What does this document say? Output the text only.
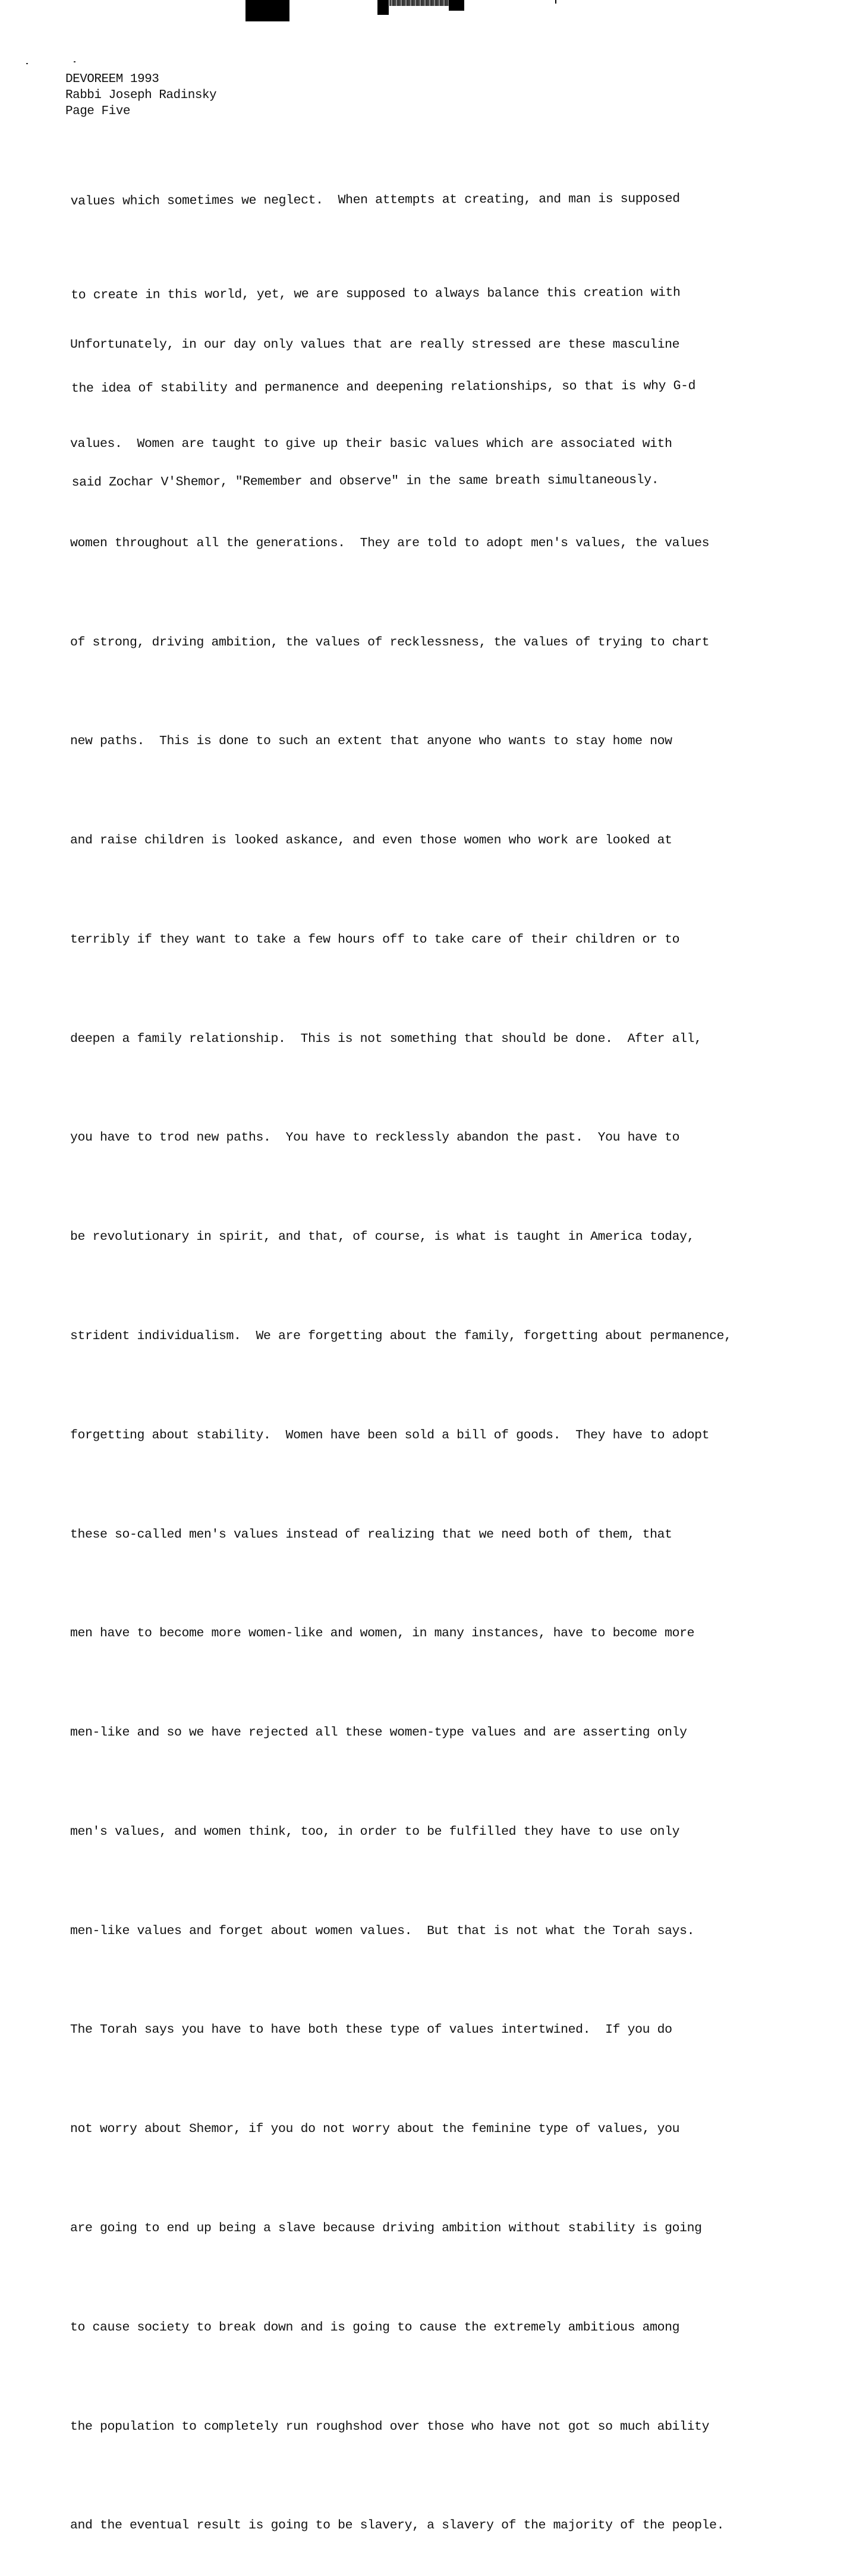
DEVOREEM 1993
Rabbi Joseph Radinsky
Page Five

values which sometimes we neglect.  When attempts at creating, and man is supposed

to create in this world, yet, we are supposed to always balance this creation with

the idea of stability and permanence and deepening relationships, so that is why G-d

said Zochar V'Shemor, "Remember and observe" in the same breath simultaneously.

Unfortunately, in our day only values that are really stressed are these masculine

values.  Women are taught to give up their basic values which are associated with

women throughout all the generations.  They are told to adopt men's values, the values

of strong, driving ambition, the values of recklessness, the values of trying to chart

new paths.  This is done to such an extent that anyone who wants to stay home now

and raise children is looked askance, and even those women who work are looked at

terribly if they want to take a few hours off to take care of their children or to

deepen a family relationship.  This is not something that should be done.  After all,

you have to trod new paths.  You have to recklessly abandon the past.  You have to

be revolutionary in spirit, and that, of course, is what is taught in America today,

strident individualism.  We are forgetting about the family, forgetting about permanence,

forgetting about stability.  Women have been sold a bill of goods.  They have to adopt

these so-called men's values instead of realizing that we need both of them, that

men have to become more women-like and women, in many instances, have to become more

men-like and so we have rejected all these women-type values and are asserting only

men's values, and women think, too, in order to be fulfilled they have to use only

men-like values and forget about women values.  But that is not what the Torah says.

The Torah says you have to have both these type of values intertwined.  If you do

not worry about Shemor, if you do not worry about the feminine type of values, you

are going to end up being a slave because driving ambition without stability is going

to cause society to break down and is going to cause the extremely ambitious among

the population to completely run roughshod over those who have not got so much ability

and the eventual result is going to be slavery, a slavery of the majority of the people.
